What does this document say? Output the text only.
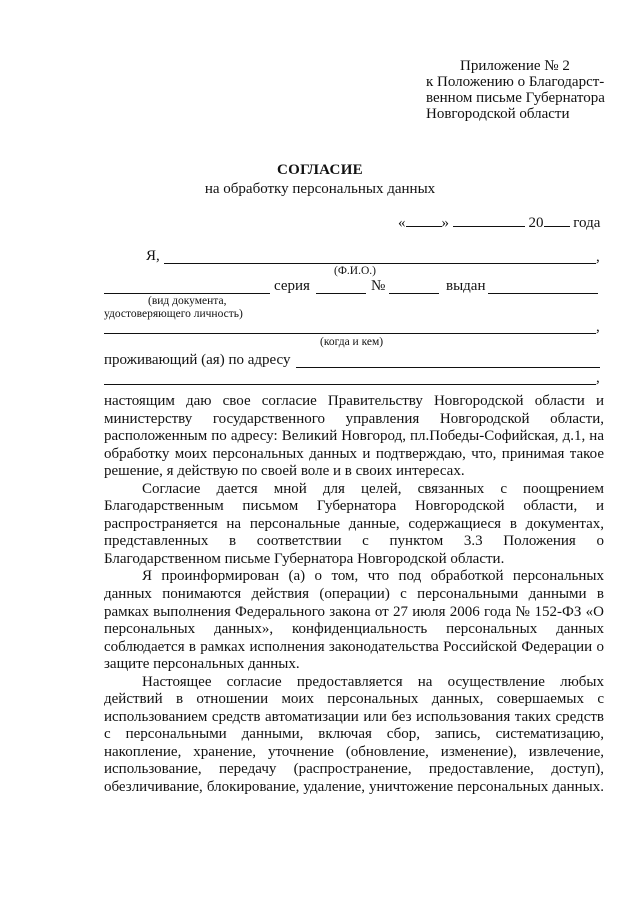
Приложение № 2
к Положению о Благодарст-
венном письме Губернатора
Новгородской области
СОГЛАСИЕ
на обработку персональных данных
« »	20 года
Я,	,
(Ф.И.О.)
серия	№	выдан
(вид документа,
удостоверяющего личность)
,
(когда и кем)
проживающий (ая) по адресу
,

настоящим даю свое согласие Правительству Новгородской области и министерству государственного управления Новгородской области, расположенным по адресу: Великий Новгород, пл.Победы-Софийская, д.1, на обработку моих персональных данных и подтверждаю, что, принимая такое решение, я действую по своей воле и в своих интересах.

Согласие дается мной для целей, связанных с поощрением Благодарственным письмом Губернатора Новгородской области, и распространяется на персональные данные, содержащиеся в документах, представленных в соответствии с пунктом 3.3 Положения о Благодарственном письме Губернатора Новгородской области.

Я проинформирован (а) о том, что под обработкой персональных данных понимаются действия (операции) с персональными данными в рамках выполнения Федерального закона от 27 июля 2006 года № 152-ФЗ «О персональных данных», конфиденциальность персональных данных соблюдается в рамках исполнения законодательства Российской Федерации о защите персональных данных.

Настоящее согласие предоставляется на осуществление любых действий в отношении моих персональных данных, совершаемых с использованием средств автоматизации или без использования таких средств с персональными данными, включая сбор, запись, систематизацию, накопление, хранение, уточнение (обновление, изменение), извлечение, использование, передачу (распространение, предоставление, доступ), обезличивание, блокирование, удаление, уничтожение персональных данных.
